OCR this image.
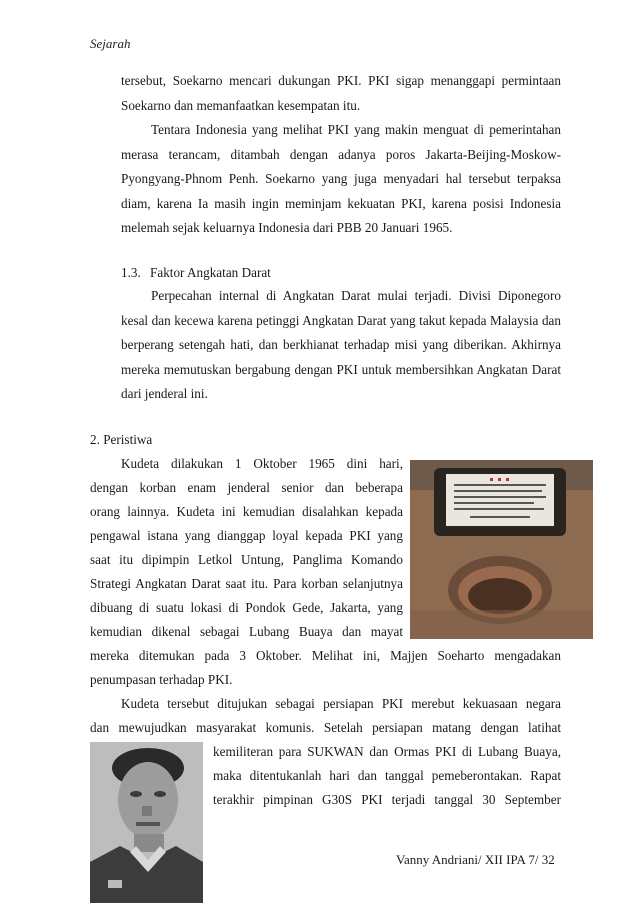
Sejarah
tersebut, Soekarno mencari dukungan PKI. PKI sigap menanggapi permintaan
Soekarno dan memanfaatkan kesempatan itu.
Tentara Indonesia yang melihat PKI yang makin menguat di pemerintahan merasa terancam, ditambah dengan adanya poros Jakarta-Beijing-Moskow-Pyongyang-Phnom Penh. Soekarno yang juga menyadari hal tersebut terpaksa diam, karena Ia masih ingin meminjam kekuatan PKI, karena posisi Indonesia melemah sejak keluarnya Indonesia dari PBB 20 Januari 1965.
1.3. Faktor Angkatan Darat
Perpecahan internal di Angkatan Darat mulai terjadi. Divisi Diponegoro kesal dan kecewa karena petinggi Angkatan Darat yang takut kepada Malaysia dan berperang setengah hati, dan berkhianat terhadap misi yang diberikan. Akhirnya mereka memutuskan bergabung dengan PKI untuk membersihkan Angkatan Darat dari jenderal ini.
2. Peristiwa
Kudeta dilakukan 1 Oktober 1965 dini hari,
dengan korban enam jenderal senior dan beberapa
orang lainnya. Kudeta ini kemudian disalahkan kepada
pengawal istana yang dianggap loyal kepada PKI yang
saat itu dipimpin Letkol Untung, Panglima Komando
Strategi Angkatan Darat saat itu. Para korban selanjutnya
dibuang di suatu lokasi di Pondok Gede, Jakarta, yang
kemudian dikenal sebagai Lubang Buaya dan mayat
mereka ditemukan pada 3 Oktober. Melihat ini, Majjen Soeharto mengadakan
penumpasan terhadap PKI.
Kudeta tersebut ditujukan sebagai persiapan PKI merebut kekuasaan negara
dan mewujudkan masyarakat komunis. Setelah persiapan matang dengan latihat
kemiliteran para SUKWAN dan Ormas PKI di Lubang Buaya,
maka ditentukanlah hari dan tanggal pemeberontakan. Rapat
terakhir pimpinan G30S PKI terjadi tanggal 30 September
Vanny Andriani/ XII IPA 7/ 32
